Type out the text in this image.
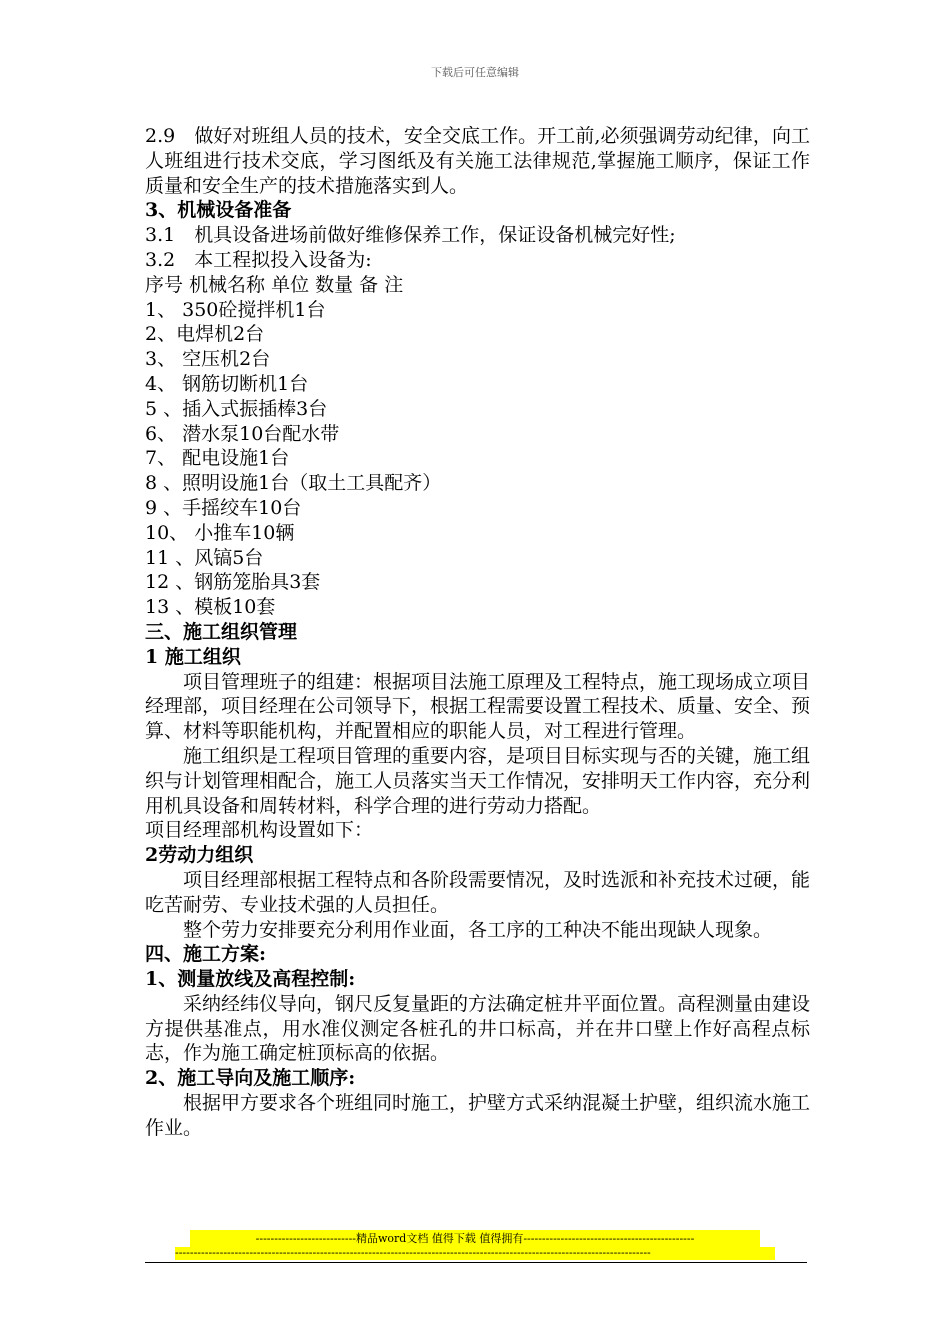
下载后可任意编辑

2.9　做好对班组人员的技术，安全交底工作。开工前,必须强调劳动纪律，向工人班组进行技术交底，学习图纸及有关施工法律规范,掌握施工顺序，保证工作质量和安全生产的技术措施落实到人。

3、机械设备准备

3.1　机具设备进场前做好维修保养工作，保证设备机械完好性;

3.2　本工程拟投入设备为:

序号 机械名称 单位 数量 备 注

1、 350砼搅拌机1台

2、电焊机2台

3、 空压机2台

4、 钢筋切断机1台

5 、插入式振插棒3台

6、 潜水泵10台配水带

7、 配电设施1台

8 、照明设施1台（取土工具配齐）

9 、手摇绞车10台

10、 小推车10辆

11 、风镐5台

12 、钢筋笼胎具3套

13 、模板10套

三、施工组织管理

1 施工组织

项目管理班子的组建：根据项目法施工原理及工程特点，施工现场成立项目经理部，项目经理在公司领导下，根据工程需要设置工程技术、质量、安全、预算、材料等职能机构，并配置相应的职能人员，对工程进行管理。

施工组织是工程项目管理的重要内容，是项目目标实现与否的关键，施工组织与计划管理相配合，施工人员落实当天工作情况，安排明天工作内容，充分利用机具设备和周转材料，科学合理的进行劳动力搭配。

项目经理部机构设置如下：

2劳动力组织

项目经理部根据工程特点和各阶段需要情况，及时选派和补充技术过硬，能吃苦耐劳、专业技术强的人员担任。

整个劳力安排要充分利用作业面，各工序的工种决不能出现缺人现象。

四、施工方案:

1、测量放线及高程控制:

采纳经纬仪导向，钢尺反复量距的方法确定桩井平面位置。高程测量由建设方提供基准点，用水准仪测定各桩孔的井口标高，并在井口壁上作好高程点标志，作为施工确定桩顶标高的依据。

2、施工导向及施工顺序:

根据甲方要求各个班组同时施工，护壁方式采纳混凝土护壁，组织流水施工作业。

---------------------------精品word文档 值得下载 值得拥有----------------------------------------------
--------------------------------------------------------------------------------------------------------------------------------
